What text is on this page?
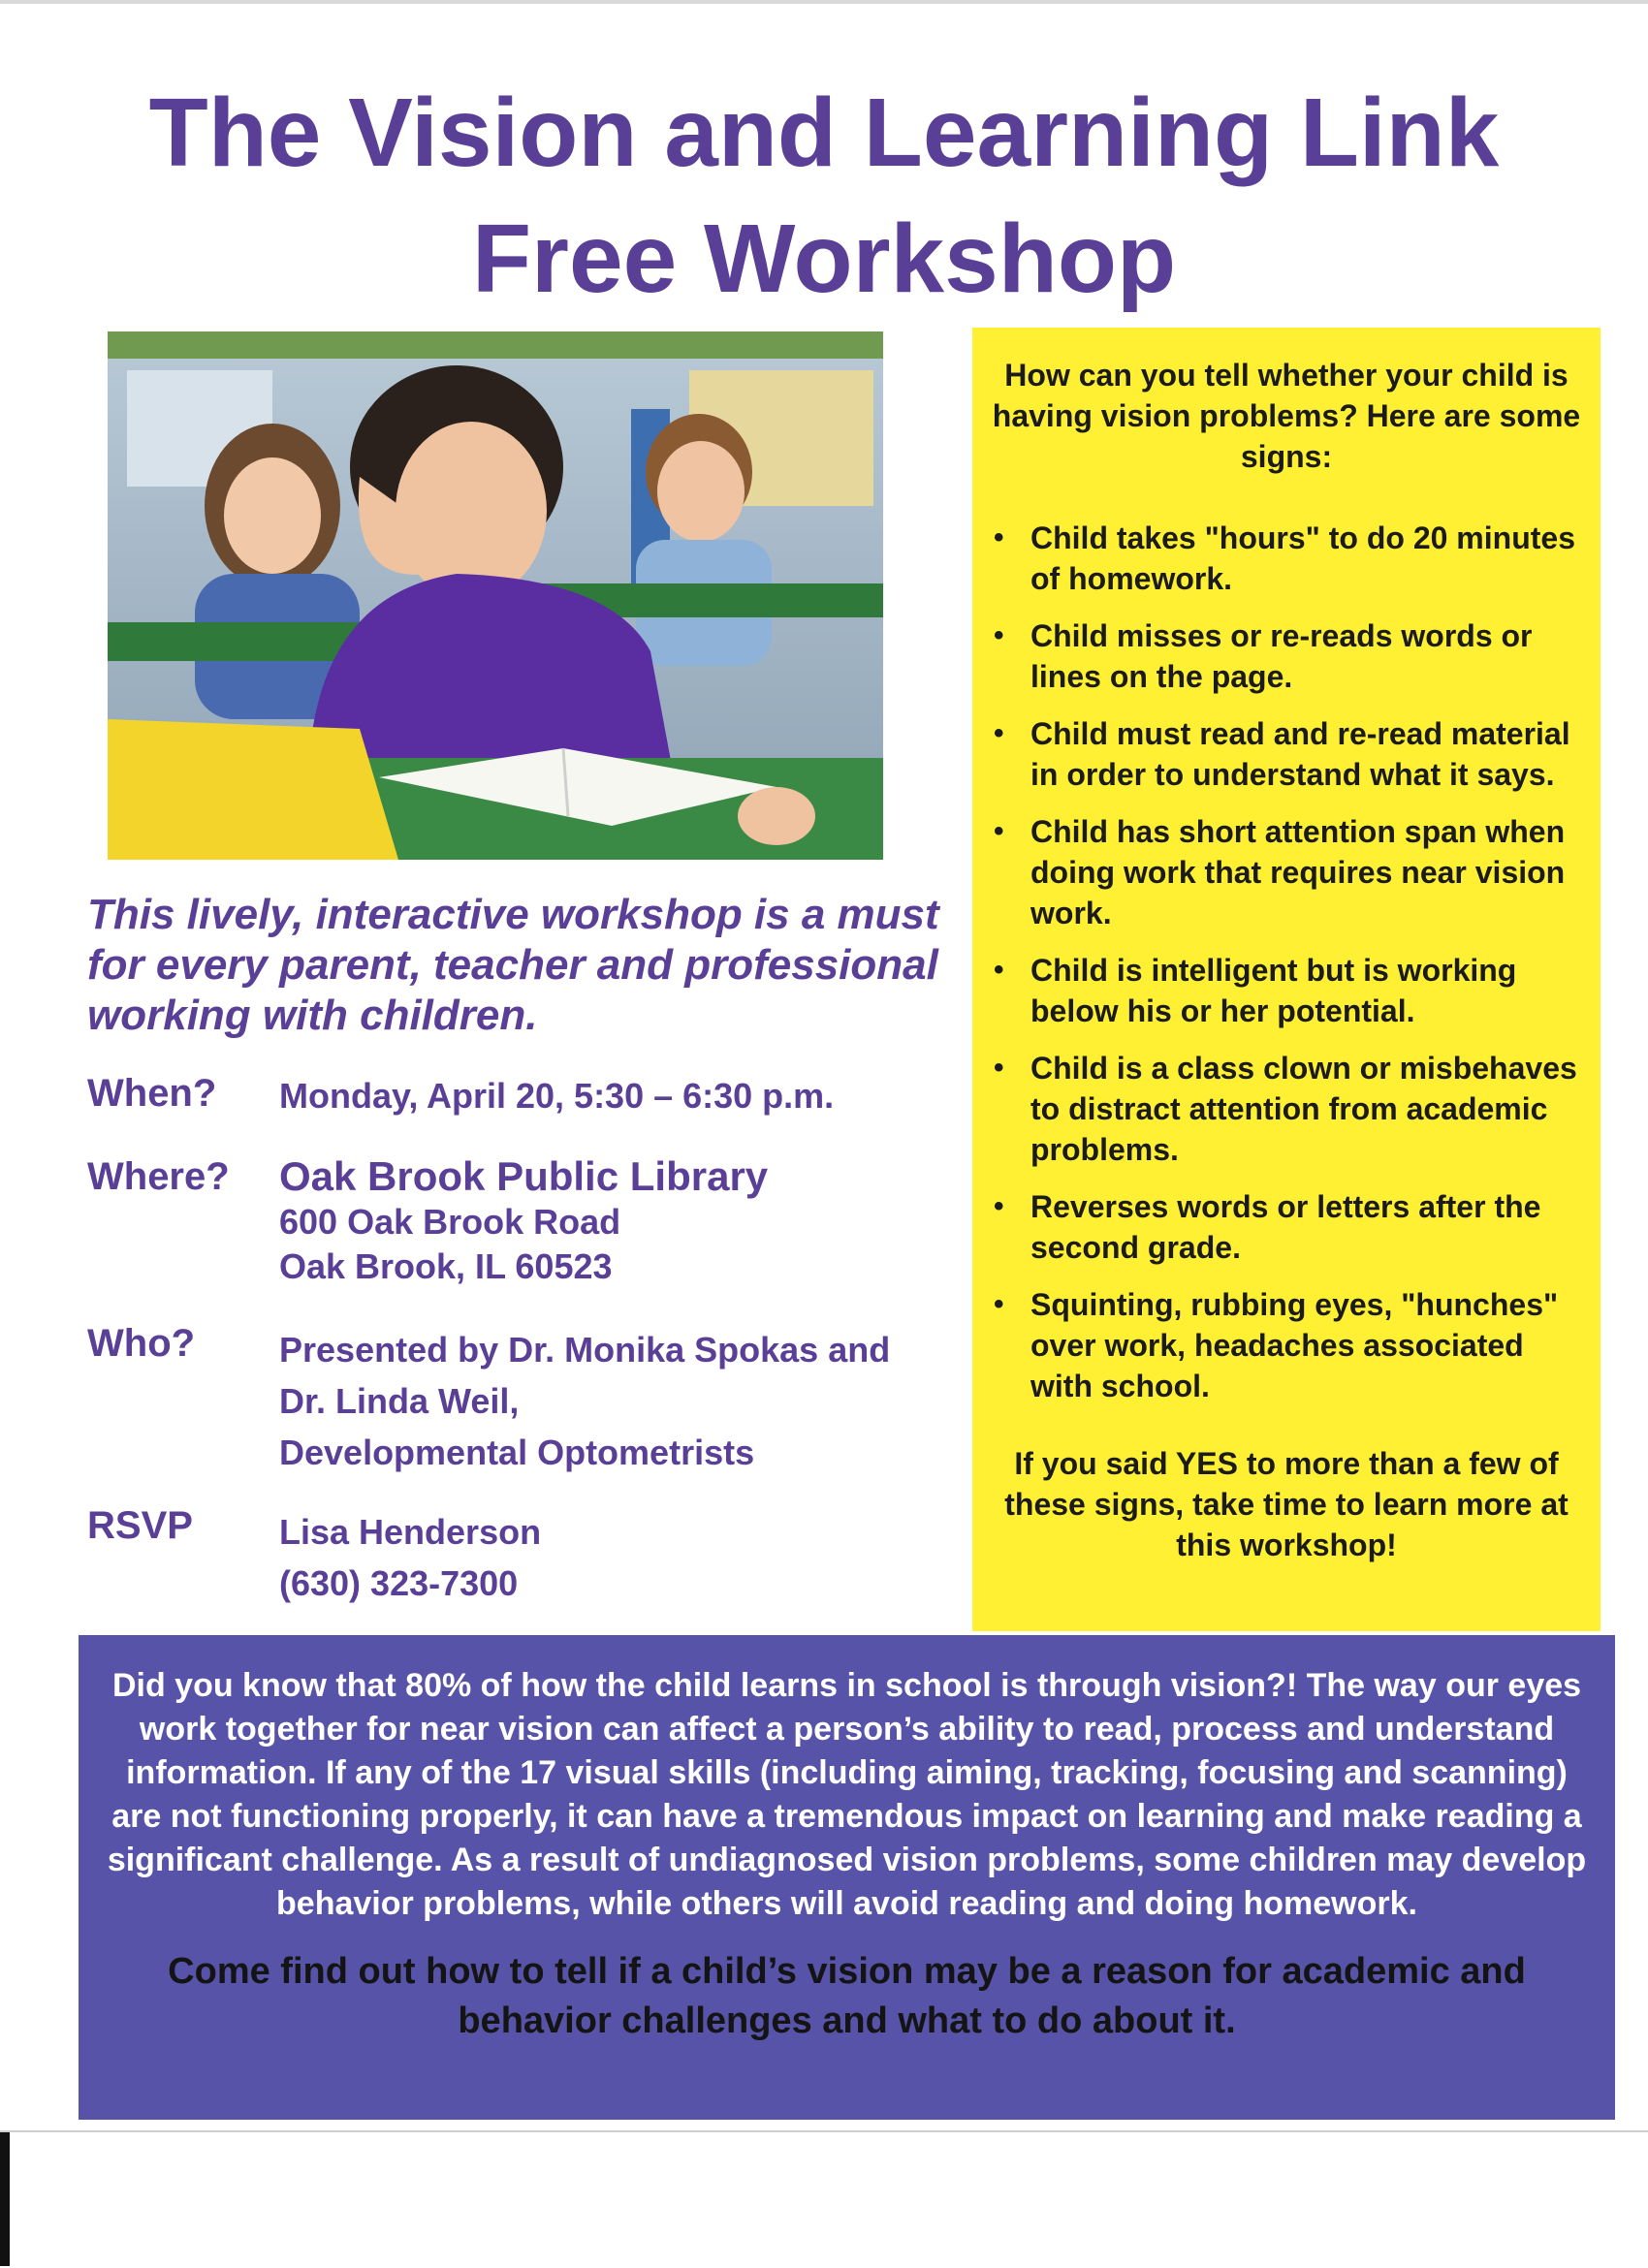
The Vision and Learning Link
Free Workshop

How can you tell whether your child is having vision problems? Here are some signs:

• Child takes "hours" to do 20 minutes of homework.
• Child misses or re-reads words or lines on the page.
• Child must read and re-read material in order to understand what it says.
• Child has short attention span when doing work that requires near vision work.
• Child is intelligent but is working below his or her potential.
• Child is a class clown or misbehaves to distract attention from academic problems.
• Reverses words or letters after the second grade.
• Squinting, rubbing eyes, "hunches" over work, headaches associated with school.

If you said YES to more than a few of these signs, take time to learn more at this workshop!

This lively, interactive workshop is a must for every parent, teacher and professional working with children.

When? Monday, April 20, 5:30 – 6:30 p.m.
Where? Oak Brook Public Library
600 Oak Brook Road
Oak Brook, IL 60523
Who? Presented by Dr. Monika Spokas and
Dr. Linda Weil,
Developmental Optometrists
RSVP Lisa Henderson
(630) 323-7300

Did you know that 80% of how the child learns in school is through vision?! The way our eyes work together for near vision can affect a person’s ability to read, process and understand information. If any of the 17 visual skills (including aiming, tracking, focusing and scanning) are not functioning properly, it can have a tremendous impact on learning and make reading a significant challenge. As a result of undiagnosed vision problems, some children may develop behavior problems, while others will avoid reading and doing homework.

Come find out how to tell if a child’s vision may be a reason for academic and behavior challenges and what to do about it.
